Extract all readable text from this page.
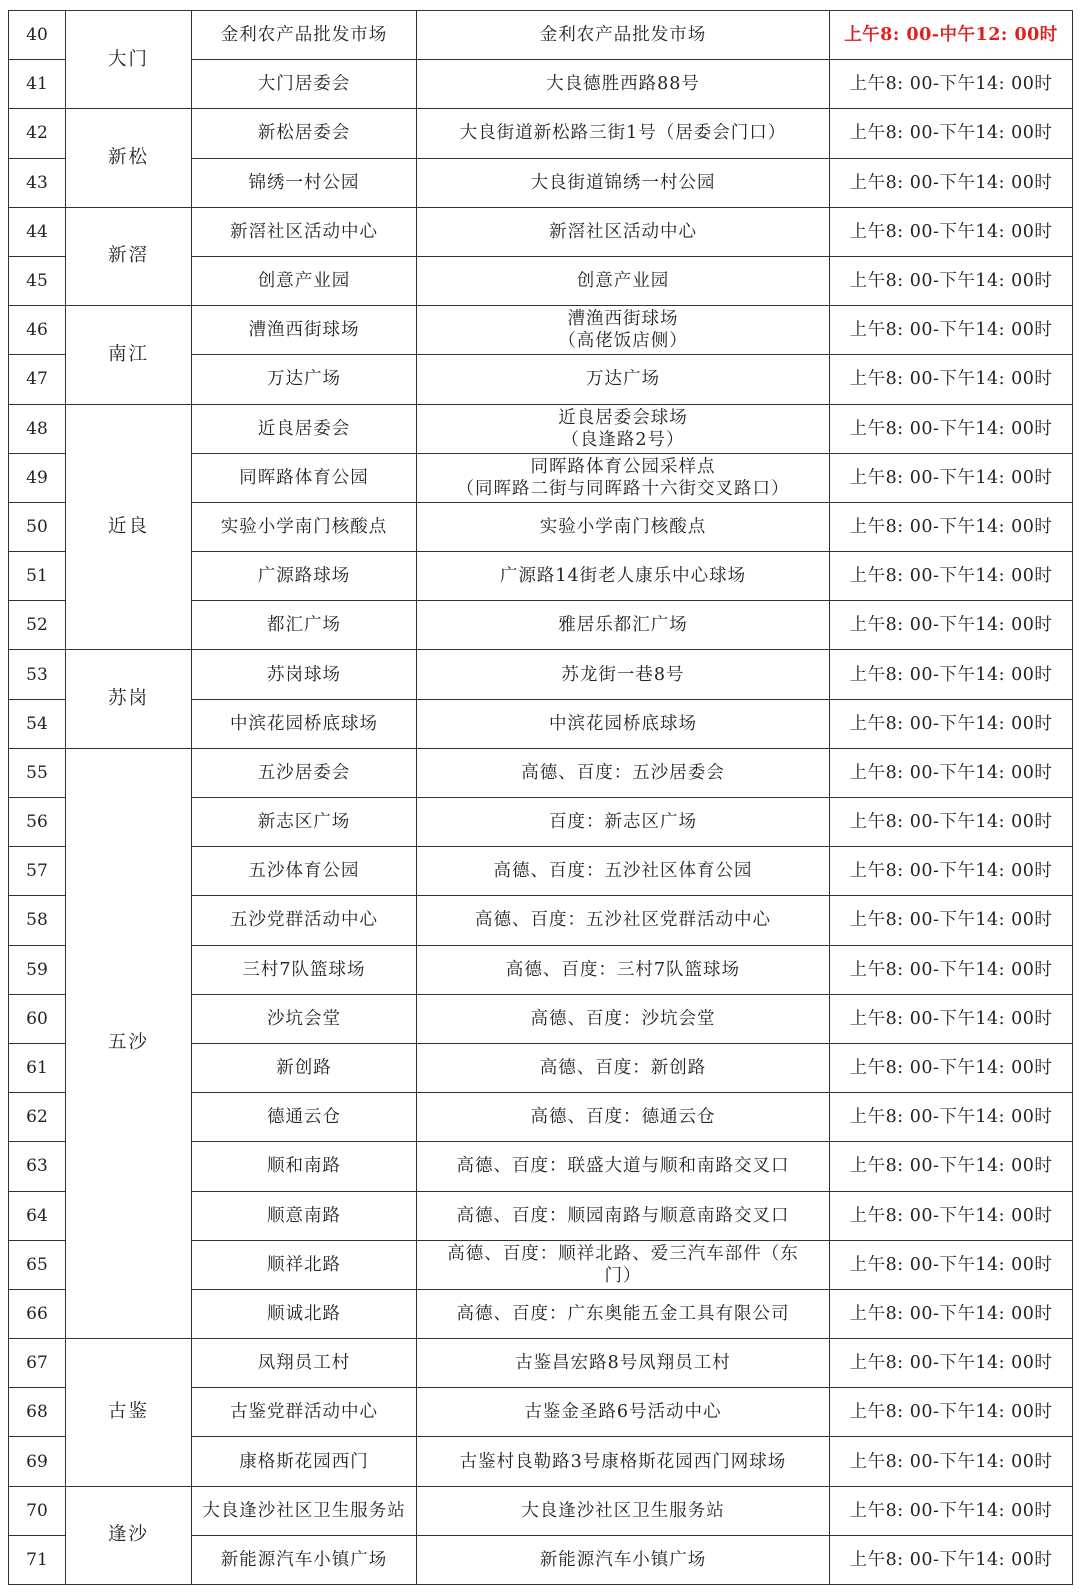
40	大门	金利农产品批发市场	金利农产品批发市场	上午8: 00-中午12: 00时
41		大门居委会	大良德胜西路88号	上午8: 00-下午14: 00时
42	新松	新松居委会	大良街道新松路三街1号（居委会门口）	上午8: 00-下午14: 00时
43		锦绣一村公园	大良街道锦绣一村公园	上午8: 00-下午14: 00时
44	新滘	新滘社区活动中心	新滘社区活动中心	上午8: 00-下午14: 00时
45		创意产业园	创意产业园	上午8: 00-下午14: 00时
46	南江	漕渔西街球场	漕渔西街球场
（高佬饭店侧）	上午8: 00-下午14: 00时
47		万达广场	万达广场	上午8: 00-下午14: 00时
48	近良	近良居委会	近良居委会球场
（良逢路2号）	上午8: 00-下午14: 00时
49		同晖路体育公园	同晖路体育公园采样点
（同晖路二街与同晖路十六街交叉路口）	上午8: 00-下午14: 00时
50		实验小学南门核酸点	实验小学南门核酸点	上午8: 00-下午14: 00时
51		广源路球场	广源路14街老人康乐中心球场	上午8: 00-下午14: 00时
52		都汇广场	雅居乐都汇广场	上午8: 00-下午14: 00时
53	苏岗	苏岗球场	苏龙街一巷8号	上午8: 00-下午14: 00时
54		中滨花园桥底球场	中滨花园桥底球场	上午8: 00-下午14: 00时
55	五沙	五沙居委会	高德、百度：五沙居委会	上午8: 00-下午14: 00时
56		新志区广场	百度：新志区广场	上午8: 00-下午14: 00时
57		五沙体育公园	高德、百度：五沙社区体育公园	上午8: 00-下午14: 00时
58		五沙党群活动中心	高德、百度：五沙社区党群活动中心	上午8: 00-下午14: 00时
59		三村7队篮球场	高德、百度：三村7队篮球场	上午8: 00-下午14: 00时
60		沙坑会堂	高德、百度：沙坑会堂	上午8: 00-下午14: 00时
61		新创路	高德、百度：新创路	上午8: 00-下午14: 00时
62		德通云仓	高德、百度：德通云仓	上午8: 00-下午14: 00时
63		顺和南路	高德、百度：联盛大道与顺和南路交叉口	上午8: 00-下午14: 00时
64		顺意南路	高德、百度：顺园南路与顺意南路交叉口	上午8: 00-下午14: 00时
65		顺祥北路	高德、百度：顺祥北路、爱三汽车部件（东
门）	上午8: 00-下午14: 00时
66		顺诚北路	高德、百度：广东奥能五金工具有限公司	上午8: 00-下午14: 00时
67	古鉴	凤翔员工村	古鉴昌宏路8号凤翔员工村	上午8: 00-下午14: 00时
68		古鉴党群活动中心	古鉴金圣路6号活动中心	上午8: 00-下午14: 00时
69		康格斯花园西门	古鉴村良勒路3号康格斯花园西门网球场	上午8: 00-下午14: 00时
70	逢沙	大良逢沙社区卫生服务站	大良逢沙社区卫生服务站	上午8: 00-下午14: 00时
71		新能源汽车小镇广场	新能源汽车小镇广场	上午8: 00-下午14: 00时
